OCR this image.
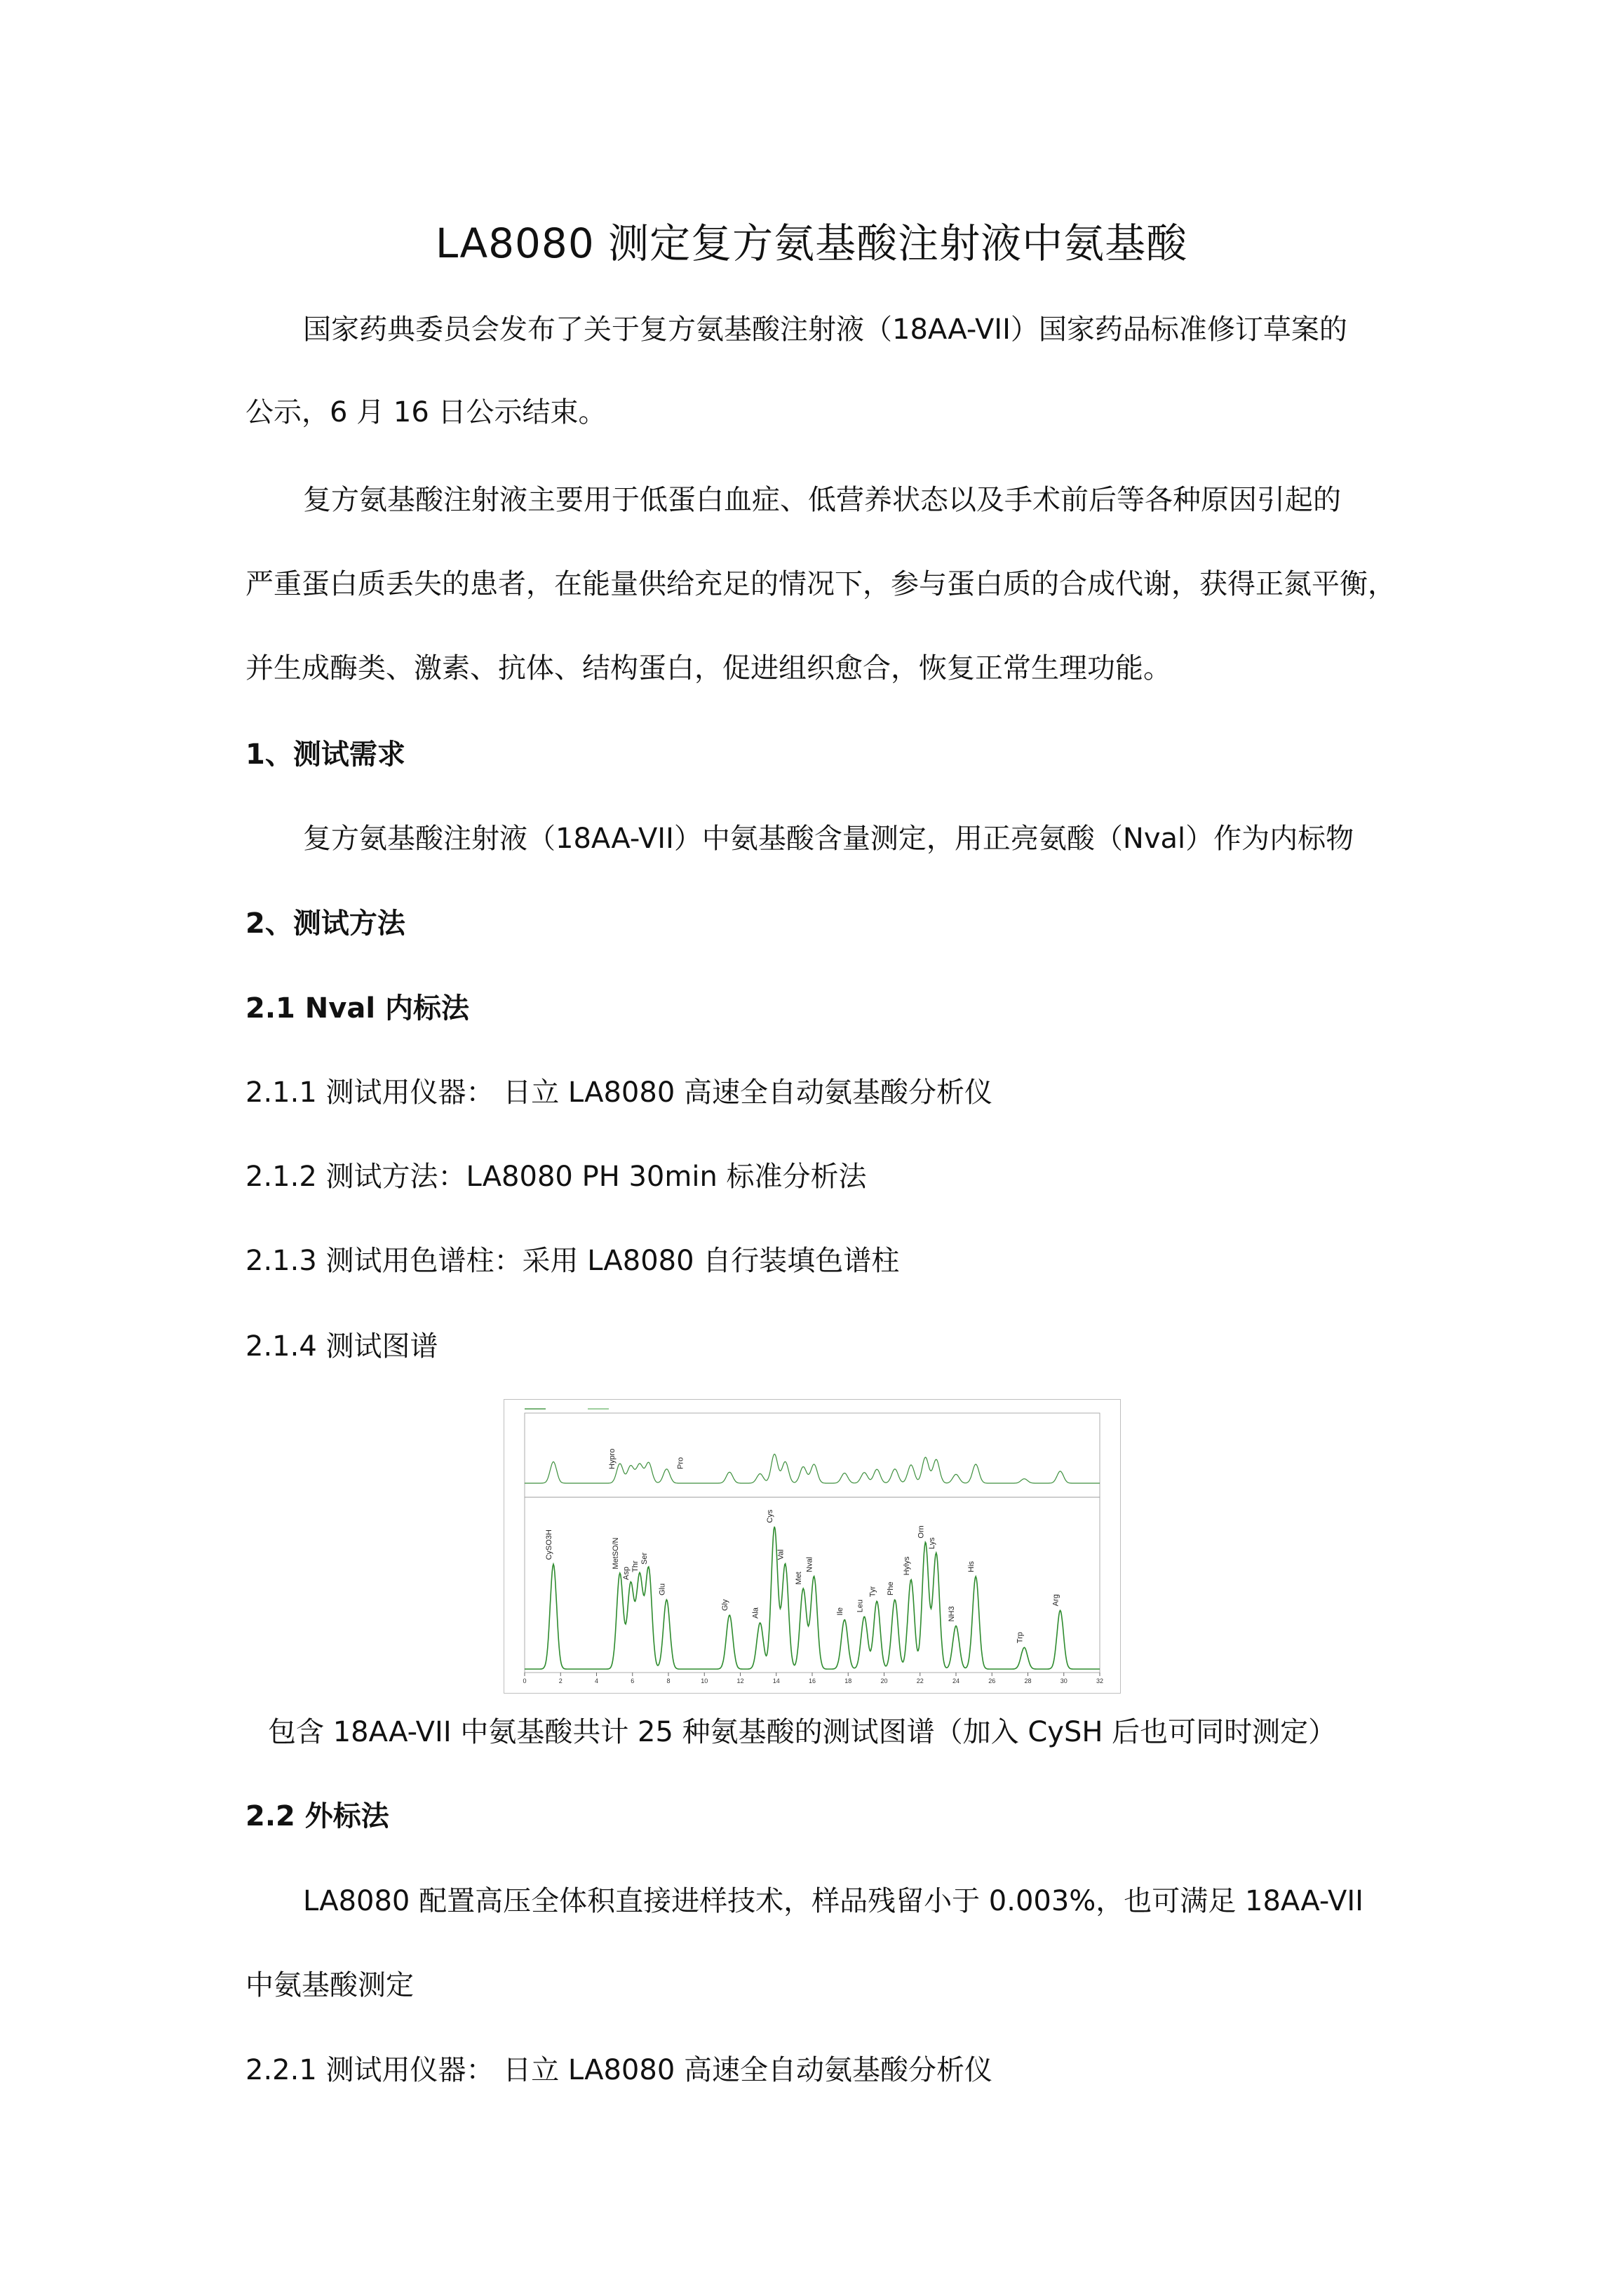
LA8080 测定复方氨基酸注射液中氨基酸
国家药典委员会发布了关于复方氨基酸注射液（18AA-VII）国家药品标准修订草案的
公示，6 月 16 日公示结束。
复方氨基酸注射液主要用于低蛋白血症、低营养状态以及手术前后等各种原因引起的
严重蛋白质丢失的患者，在能量供给充足的情况下，参与蛋白质的合成代谢，获得正氮平衡，
并生成酶类、激素、抗体、结构蛋白，促进组织愈合，恢复正常生理功能。
1、测试需求
复方氨基酸注射液（18AA-VII）中氨基酸含量测定，用正亮氨酸（Nval）作为内标物
2、测试方法
2.1 Nval 内标法
2.1.1 测试用仪器： 日立 LA8080 高速全自动氨基酸分析仪
2.1.2 测试方法：LA8080 PH 30min 标准分析法
2.1.3 测试用色谱柱：采用 LA8080 自行装填色谱柱
2.1.4 测试图谱
0	2	4	6	8	10	12	14	16	18	20	22	24	26	28	30	32
CySO3H	MetSO/N
Asp
Thr
Ser
Glu
Gly
Ala
Cys
Val
Met
Nval
Ile Leu
Tyr Phe
Hylys
Orn
Lys
NH3
His
Trp
Arg
Hypro	Pro
包含 18AA-VII 中氨基酸共计 25 种氨基酸的测试图谱（加入 CySH 后也可同时测定）
2.2 外标法
LA8080 配置高压全体积直接进样技术，样品残留小于 0.003%，也可满足 18AA-VII
中氨基酸测定
2.2.1 测试用仪器： 日立 LA8080 高速全自动氨基酸分析仪
